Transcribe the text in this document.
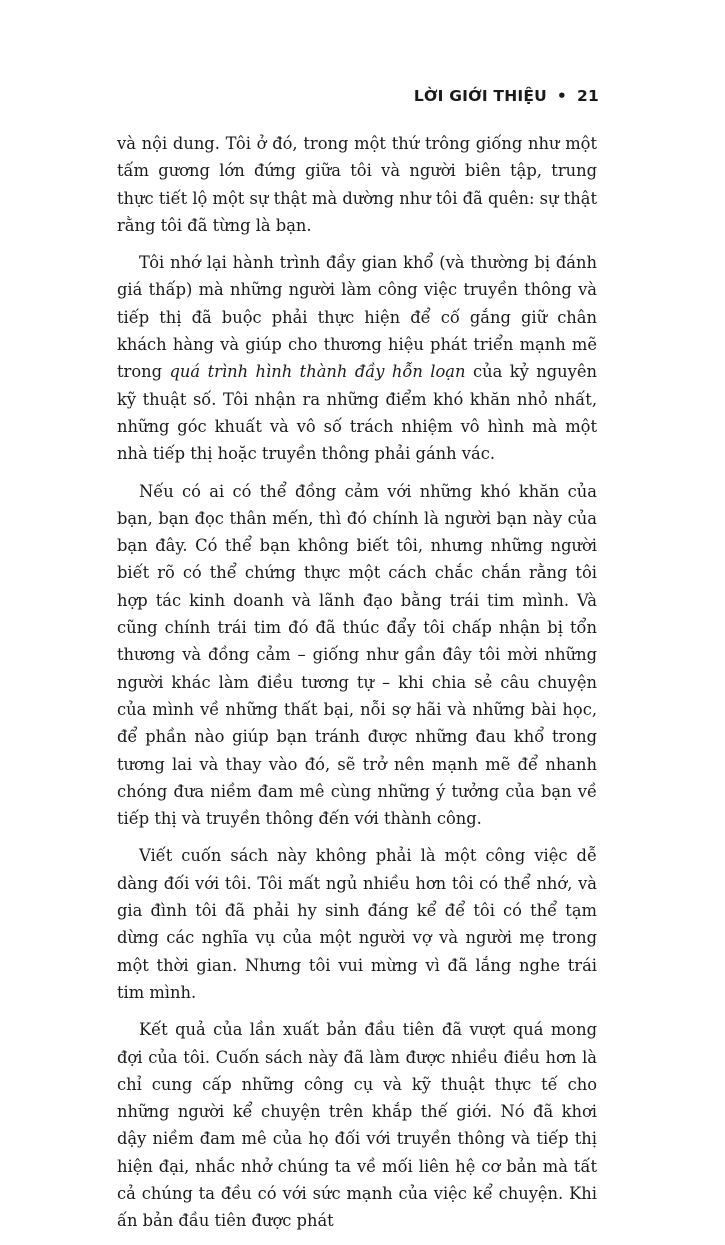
LỜI GIỚI THIỆU • 21

và nội dung. Tôi ở đó, trong một thứ trông giống như một tấm gương lớn đứng giữa tôi và người biên tập, trung thực tiết lộ một sự thật mà dường như tôi đã quên: sự thật rằng tôi đã từng là bạn.

Tôi nhớ lại hành trình đầy gian khổ (và thường bị đánh giá thấp) mà những người làm công việc truyền thông và tiếp thị đã buộc phải thực hiện để cố gắng giữ chân khách hàng và giúp cho thương hiệu phát triển mạnh mẽ trong quá trình hình thành đầy hỗn loạn của kỷ nguyên kỹ thuật số. Tôi nhận ra những điểm khó khăn nhỏ nhất, những góc khuất và vô số trách nhiệm vô hình mà một nhà tiếp thị hoặc truyền thông phải gánh vác.

Nếu có ai có thể đồng cảm với những khó khăn của bạn, bạn đọc thân mến, thì đó chính là người bạn này của bạn đây. Có thể bạn không biết tôi, nhưng những người biết rõ có thể chứng thực một cách chắc chắn rằng tôi hợp tác kinh doanh và lãnh đạo bằng trái tim mình. Và cũng chính trái tim đó đã thúc đẩy tôi chấp nhận bị tổn thương và đồng cảm – giống như gần đây tôi mời những người khác làm điều tương tự – khi chia sẻ câu chuyện của mình về những thất bại, nỗi sợ hãi và những bài học, để phần nào giúp bạn tránh được những đau khổ trong tương lai và thay vào đó, sẽ trở nên mạnh mẽ để nhanh chóng đưa niềm đam mê cùng những ý tưởng của bạn về tiếp thị và truyền thông đến với thành công.

Viết cuốn sách này không phải là một công việc dễ dàng đối với tôi. Tôi mất ngủ nhiều hơn tôi có thể nhớ, và gia đình tôi đã phải hy sinh đáng kể để tôi có thể tạm dừng các nghĩa vụ của một người vợ và người mẹ trong một thời gian. Nhưng tôi vui mừng vì đã lắng nghe trái tim mình.

Kết quả của lần xuất bản đầu tiên đã vượt quá mong đợi của tôi. Cuốn sách này đã làm được nhiều điều hơn là chỉ cung cấp những công cụ và kỹ thuật thực tế cho những người kể chuyện trên khắp thế giới. Nó đã khơi dậy niềm đam mê của họ đối với truyền thông và tiếp thị hiện đại, nhắc nhở chúng ta về mối liên hệ cơ bản mà tất cả chúng ta đều có với sức mạnh của việc kể chuyện. Khi ấn bản đầu tiên được phát
